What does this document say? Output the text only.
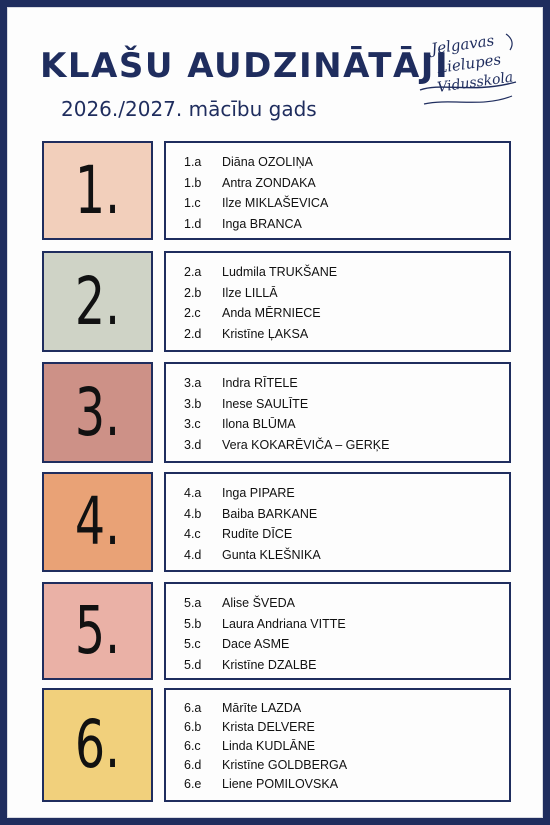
KLAŠU AUDZINĀTĀJI
2026./2027. mācību gads
Jelgavas
Lielupes
Vidusskola
1.	1.a	Diāna OZOLIŅA
1.b	Antra ZONDAKA
1.c	Ilze MIKLAŠEVICA
1.d	Inga BRANCA
2.	2.a	Ludmila TRUKŠANE
2.b	Ilze LILLĀ
2.c	Anda MĒRNIECE
2.d	Kristīne ĻAKSA
3.	3.a	Indra RĪTELE
3.b	Inese SAULĪTE
3.c	Ilona BLŪMA
3.d	Vera KOKARĒVIČA – GERĶE
4.	4.a	Inga PIPARE
4.b	Baiba BARKANE
4.c	Rudīte DĪCE
4.d	Gunta KLEŠNIKA
5.	5.a	Alise ŠVEDA
5.b	Laura Andriana VITTE
5.c	Dace ASME
5.d	Kristīne DZALBE
6.	6.a	Mārīte LAZDA
6.b	Krista DELVERE
6.c	Linda KUDLĀNE
6.d	Kristīne GOLDBERGA
6.e	Liene POMILOVSKA
